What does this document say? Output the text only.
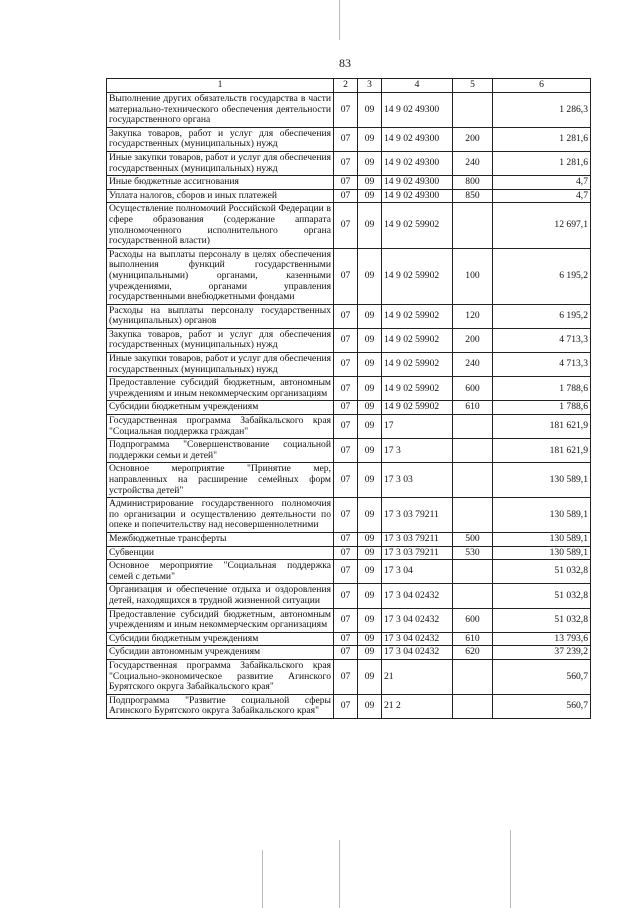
83
1	2	3	4	5	6
Выполнение других обязательств государства в части материально-технического обеспечения деятельности государственного органа	07	09	14 9 02 49300		1 286,3
Закупка товаров, работ и услуг для обеспечения государственных (муниципальных) нужд	07	09	14 9 02 49300	200	1 281,6
Иные закупки товаров, работ и услуг для обеспечения государственных (муниципальных) нужд	07	09	14 9 02 49300	240	1 281,6
Иные бюджетные ассигнования	07	09	14 9 02 49300	800	4,7
Уплата налогов, сборов и иных платежей	07	09	14 9 02 49300	850	4,7
Осуществление полномочий Российской Федерации в сфере образования (содержание аппарата уполномоченного исполнительного органа государственной власти)	07	09	14 9 02 59902		12 697,1
Расходы на выплаты персоналу в целях обеспечения выполнения функций государственными (муниципальными) органами, казенными учреждениями, органами управления государственными внебюджетными фондами	07	09	14 9 02 59902	100	6 195,2
Расходы на выплаты персоналу государственных (муниципальных) органов	07	09	14 9 02 59902	120	6 195,2
Закупка товаров, работ и услуг для обеспечения государственных (муниципальных) нужд	07	09	14 9 02 59902	200	4 713,3
Иные закупки товаров, работ и услуг для обеспечения государственных (муниципальных) нужд	07	09	14 9 02 59902	240	4 713,3
Предоставление субсидий бюджетным, автономным учреждениям и иным некоммерческим организациям	07	09	14 9 02 59902	600	1 788,6
Субсидии бюджетным учреждениям	07	09	14 9 02 59902	610	1 788,6
Государственная программа Забайкальского края "Социальная поддержка граждан"	07	09	17		181 621,9
Подпрограмма "Совершенствование социальной поддержки семьи и детей"	07	09	17 3		181 621,9
Основное мероприятие "Принятие мер, направленных на расширение семейных форм устройства детей"	07	09	17 3 03		130 589,1
Администрирование государственного полномочия по организации и осуществлению деятельности по опеке и попечительству над несовершеннолетними	07	09	17 3 03 79211		130 589,1
Межбюджетные трансферты	07	09	17 3 03 79211	500	130 589,1
Субвенции	07	09	17 3 03 79211	530	130 589,1
Основное мероприятие "Социальная поддержка семей с детьми"	07	09	17 3 04		51 032,8
Организация и обеспечение отдыха и оздоровления детей, находящихся в трудной жизненной ситуации	07	09	17 3 04 02432		51 032,8
Предоставление субсидий бюджетным, автономным учреждениям и иным некоммерческим организациям	07	09	17 3 04 02432	600	51 032,8
Субсидии бюджетным учреждениям	07	09	17 3 04 02432	610	13 793,6
Субсидии автономным учреждениям	07	09	17 3 04 02432	620	37 239,2
Государственная программа Забайкальского края "Социально-экономическое развитие Агинского Бурятского округа Забайкальского края"	07	09	21		560,7
Подпрограмма "Развитие социальной сферы Агинского Бурятского округа Забайкальского края"	07	09	21 2		560,7
